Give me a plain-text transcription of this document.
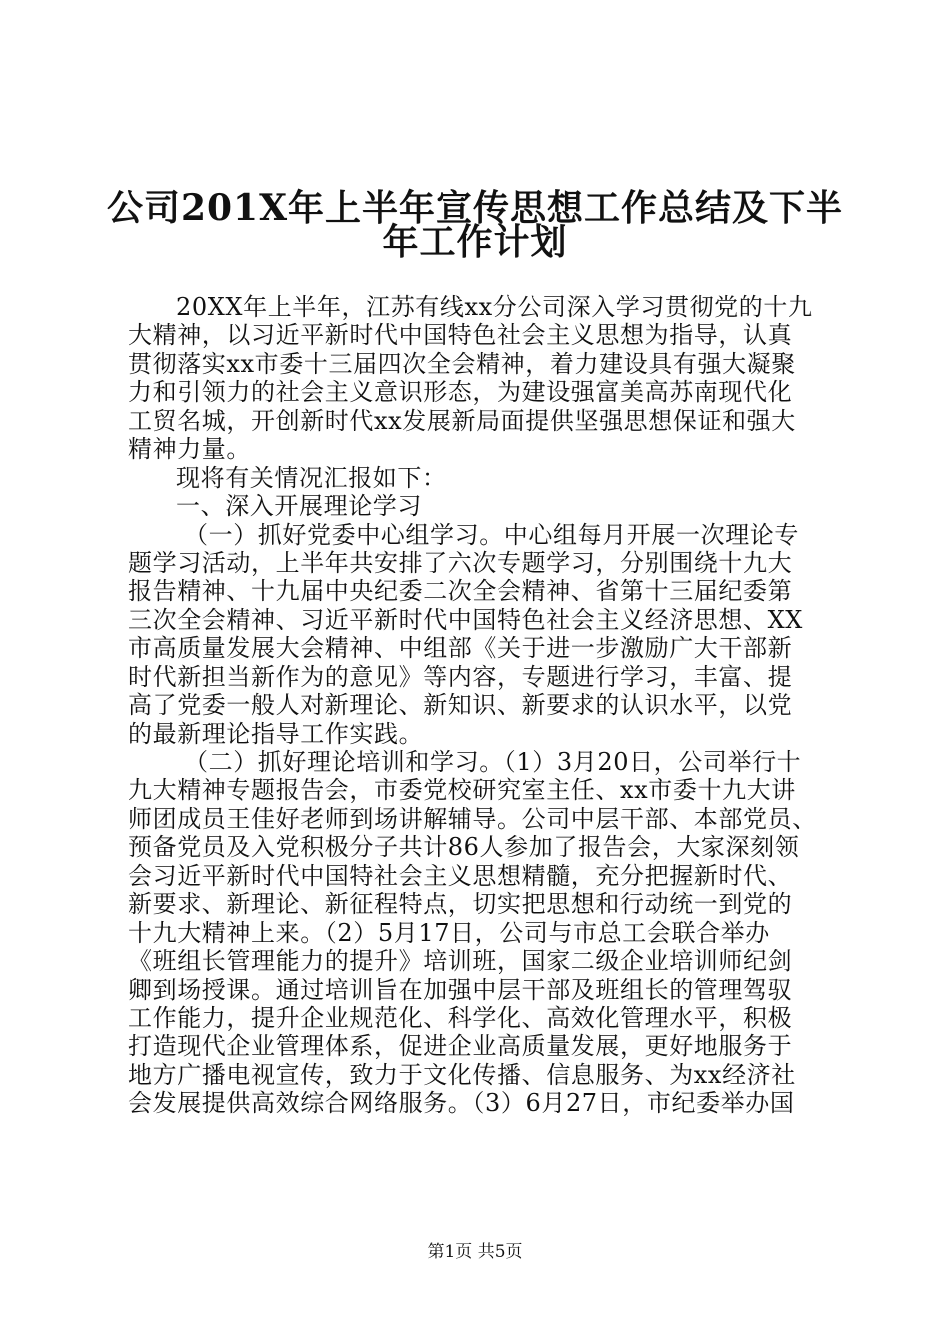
公司201X年上半年宣传思想工作总结及下半
年工作计划
20XX年上半年，江苏有线xx分公司深入学习贯彻党的十九
大精神，以习近平新时代中国特色社会主义思想为指导，认真
贯彻落实xx市委十三届四次全会精神，着力建设具有强大凝聚
力和引领力的社会主义意识形态，为建设强富美高苏南现代化
工贸名城，开创新时代xx发展新局面提供坚强思想保证和强大
精神力量。
现将有关情况汇报如下：
一、深入开展理论学习
（一）抓好党委中心组学习。中心组每月开展一次理论专
题学习活动，上半年共安排了六次专题学习，分别围绕十九大
报告精神、十九届中央纪委二次全会精神、省第十三届纪委第
三次全会精神、习近平新时代中国特色社会主义经济思想、XX
市高质量发展大会精神、中组部《关于进一步激励广大干部新
时代新担当新作为的意见》等内容，专题进行学习，丰富、提
高了党委一般人对新理论、新知识、新要求的认识水平，以党
的最新理论指导工作实践。
（二）抓好理论培训和学习。（1）3月20日，公司举行十
九大精神专题报告会，市委党校研究室主任、xx市委十九大讲
师团成员王佳好老师到场讲解辅导。公司中层干部、本部党员、
预备党员及入党积极分子共计86人参加了报告会，大家深刻领
会习近平新时代中国特社会主义思想精髓，充分把握新时代、
新要求、新理论、新征程特点，切实把思想和行动统一到党的
十九大精神上来。（2）5月17日，公司与市总工会联合举办
《班组长管理能力的提升》培训班，国家二级企业培训师纪剑
卿到场授课。通过培训旨在加强中层干部及班组长的管理驾驭
工作能力，提升企业规范化、科学化、高效化管理水平，积极
打造现代企业管理体系，促进企业高质量发展，更好地服务于
地方广播电视宣传，致力于文化传播、信息服务、为xx经济社
会发展提供高效综合网络服务。（3）6月27日，市纪委举办国
第1页 共5页
